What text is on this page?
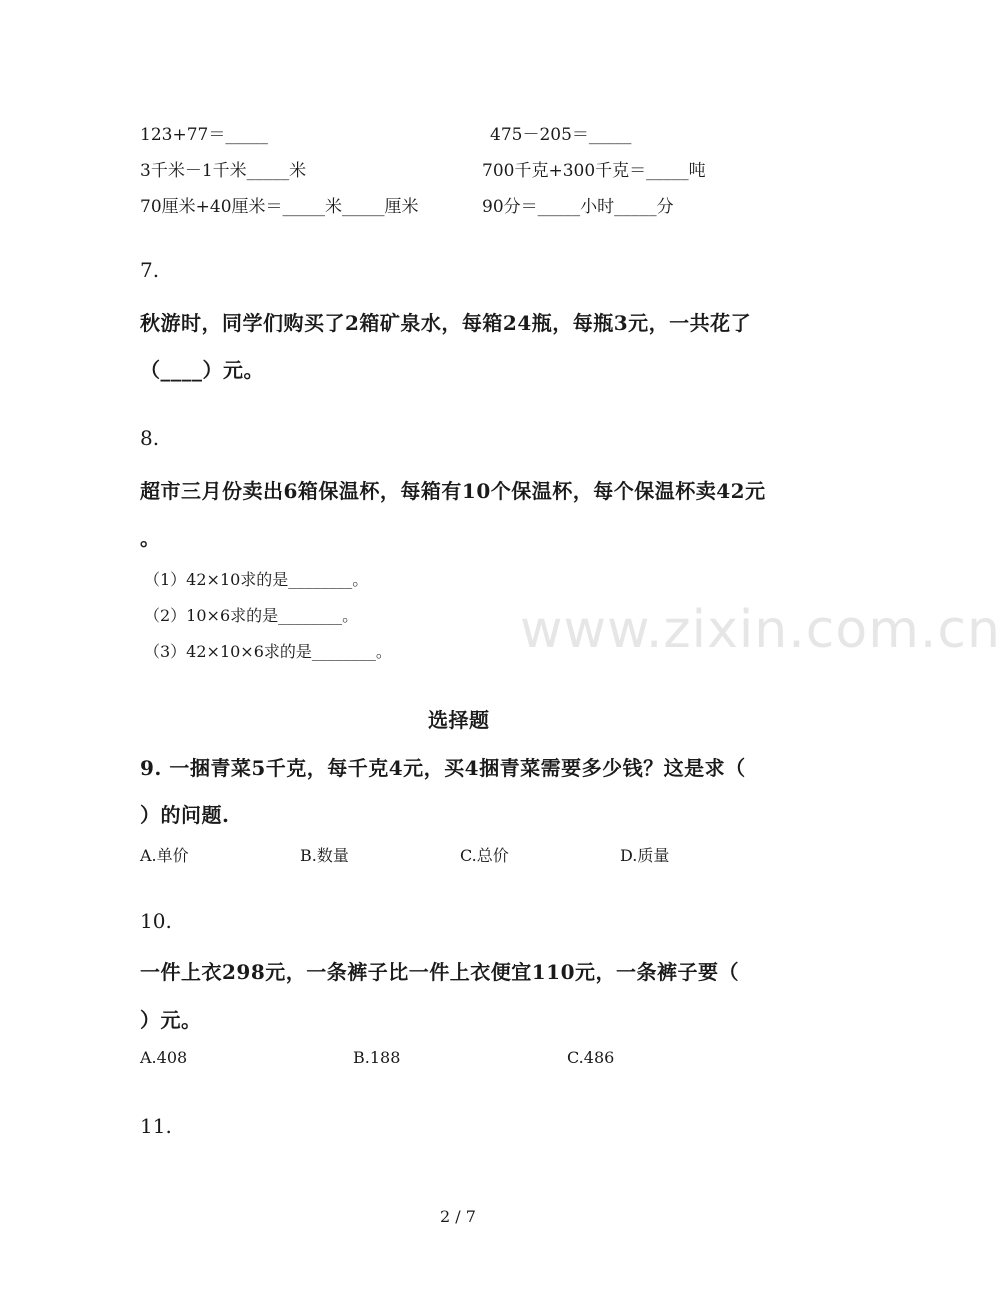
www.zixin.com.cn
123+77＝_____	475－205＝_____
3千米－1千米_____米	700千克+300千克＝_____吨
70厘米+40厘米＝_____米_____厘米	90分＝_____小时_____分
7.
秋游时，同学们购买了2箱矿泉水，每箱24瓶，每瓶3元，一共花了
（____）元。
8.
超市三月份卖出6箱保温杯，每箱有10个保温杯，每个保温杯卖42元
。
（1）42×10求的是________。
（2）10×6求的是________。
（3）42×10×6求的是________。
选择题
9. 一捆青菜5千克，每千克4元，买4捆青菜需要多少钱？这是求（
）的问题.
A.单价	B.数量	C.总价	D.质量
10.
一件上衣298元，一条裤子比一件上衣便宜110元，一条裤子要（
）元。
A.408	B.188	C.486
11.
2 / 7
